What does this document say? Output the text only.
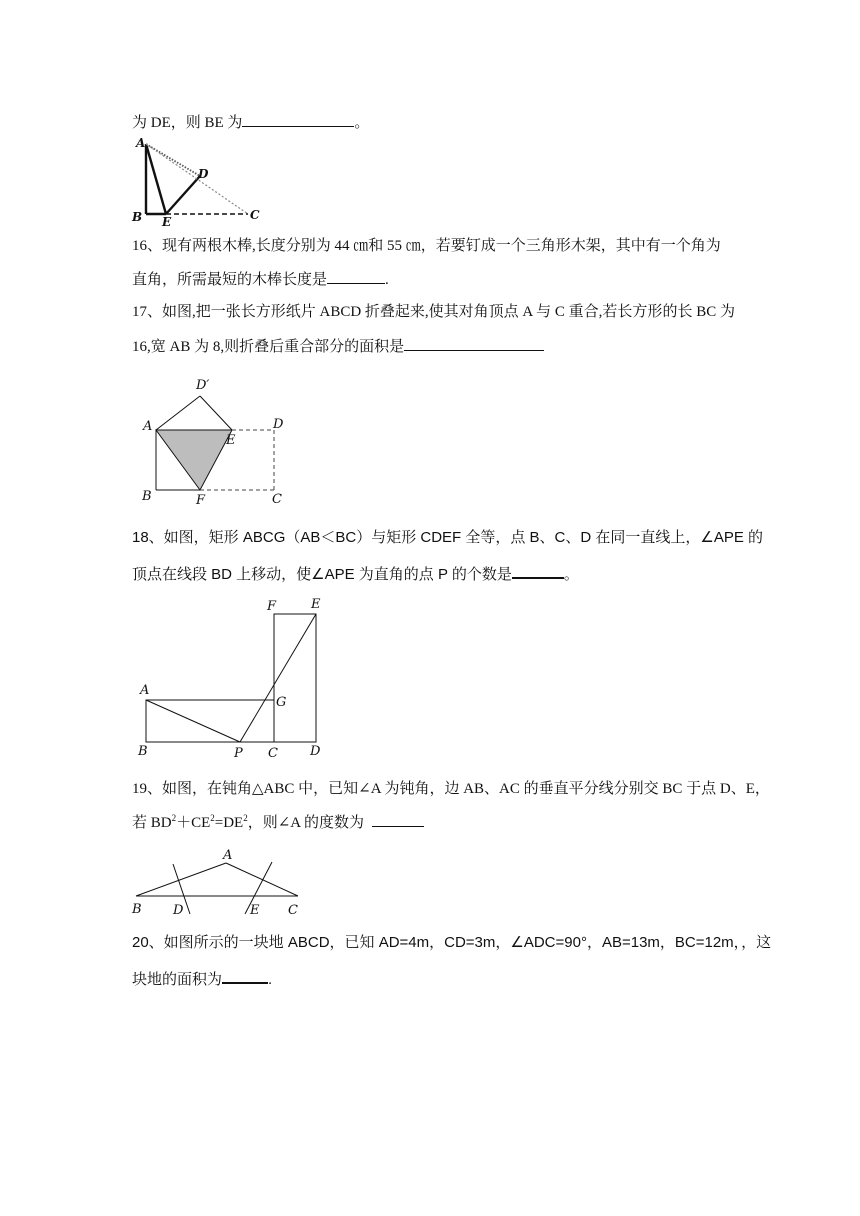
为 DE，则 BE 为	。
A
B E
D
C
16、现有两根木棒,长度分别为 44 ㎝和 55 ㎝，若要钉成一个三角形木架，其中有一个角为
直角，所需最短的木棒长度是	.
17、如图,把一张长方形纸片 ABCD 折叠起来,使其对角顶点 A 与 C 重合,若长方形的长 BC 为
16,宽 AB 为 8,则折叠后重合部分的面积是
D′
A
E
D
B	F	C
18、如图，矩形 ABCG（AB＜BC）与矩形 CDEF 全等，点 B、C、D 在同一直线上，∠APE 的
顶点在线段 BD 上移动，使∠APE 为直角的点 P 的个数是	。
F	E
A
G
B	P C D
19、如图，在钝角△ABC 中，已知∠A 为钝角，边 AB、AC 的垂直平分线分别交 BC 于点 D、E，
若 $BD^2+CE^2=DE^2$，则∠A 的度数为
A
B D	E C
20、如图所示的一块地 ABCD，已知 AD=4m，CD=3m，∠ADC=90°，AB=13m，BC=12m，，这
块地的面积为	.
